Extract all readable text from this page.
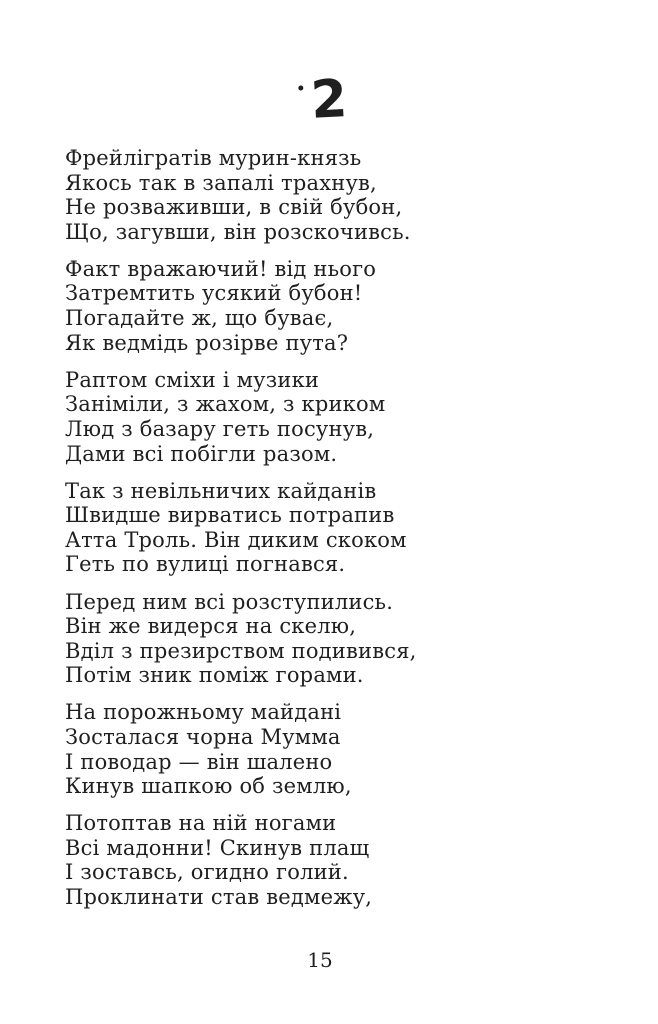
2
Фрейлігратів мурин-князь
Якось так в запалі трахнув,
Не розваживши, в свій бубон,
Що, загувши, він розскочивсь.
Факт вражаючий! від нього
Затремтить усякий бубон!
Погадайте ж, що буває,
Як ведмідь розірве пута?
Раптом сміхи і музики
Заніміли, з жахом, з криком
Люд з базару геть посунув,
Дами всі побігли разом.
Так з невільничих кайданів
Швидше вирватись потрапив
Атта Троль. Він диким скоком
Геть по вулиці погнався.
Перед ним всі розступились.
Він же видерся на скелю,
Вділ з презирством подивився,
Потім зник поміж горами.
На порожньому майдані
Зосталася чорна Мумма
І поводар — він шалено
Кинув шапкою об землю,
Потоптав на ній ногами
Всі мадонни! Скинув плащ
І зоставсь, огидно голий.
Проклинати став ведмежу,
15
